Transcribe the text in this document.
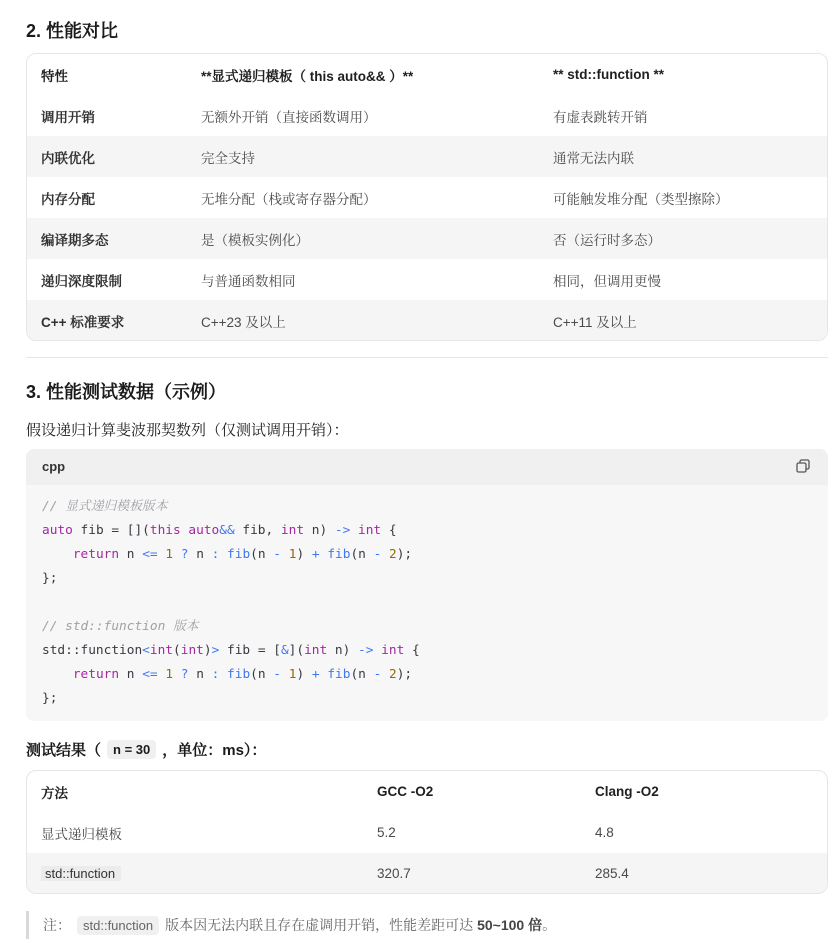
2. 性能对比
特性	**显式递归模板（ this auto&& ）**	** std::function **
调用开销	无额外开销（直接函数调用）	有虚表跳转开销
内联优化	完全支持	通常无法内联
内存分配	无堆分配（栈或寄存器分配）	可能触发堆分配（类型擦除）
编译期多态	是（模板实例化）	否（运行时多态）
递归深度限制	与普通函数相同	相同，但调用更慢
C++ 标准要求	C++23 及以上	C++11 及以上
3. 性能测试数据（示例）
假设递归计算斐波那契数列（仅测试调用开销）：
cpp
// 显式递归模板版本
auto fib = [](this auto&& fib, int n) -> int {
return n <= 1 ? n : fib(n - 1) + fib(n - 2);
};

// std::function 版本
std::function<int(int)> fib = [&](int n) -> int {
return n <= 1 ? n : fib(n - 1) + fib(n - 2);
};
测试结果（ n = 30 ，单位：ms）：
方法	GCC -O2	Clang -O2
显式递归模板	5.2	4.8
std::function	320.7	285.4
注： std::function 版本因无法内联且存在虚调用开销，性能差距可达 50~100 倍 。
